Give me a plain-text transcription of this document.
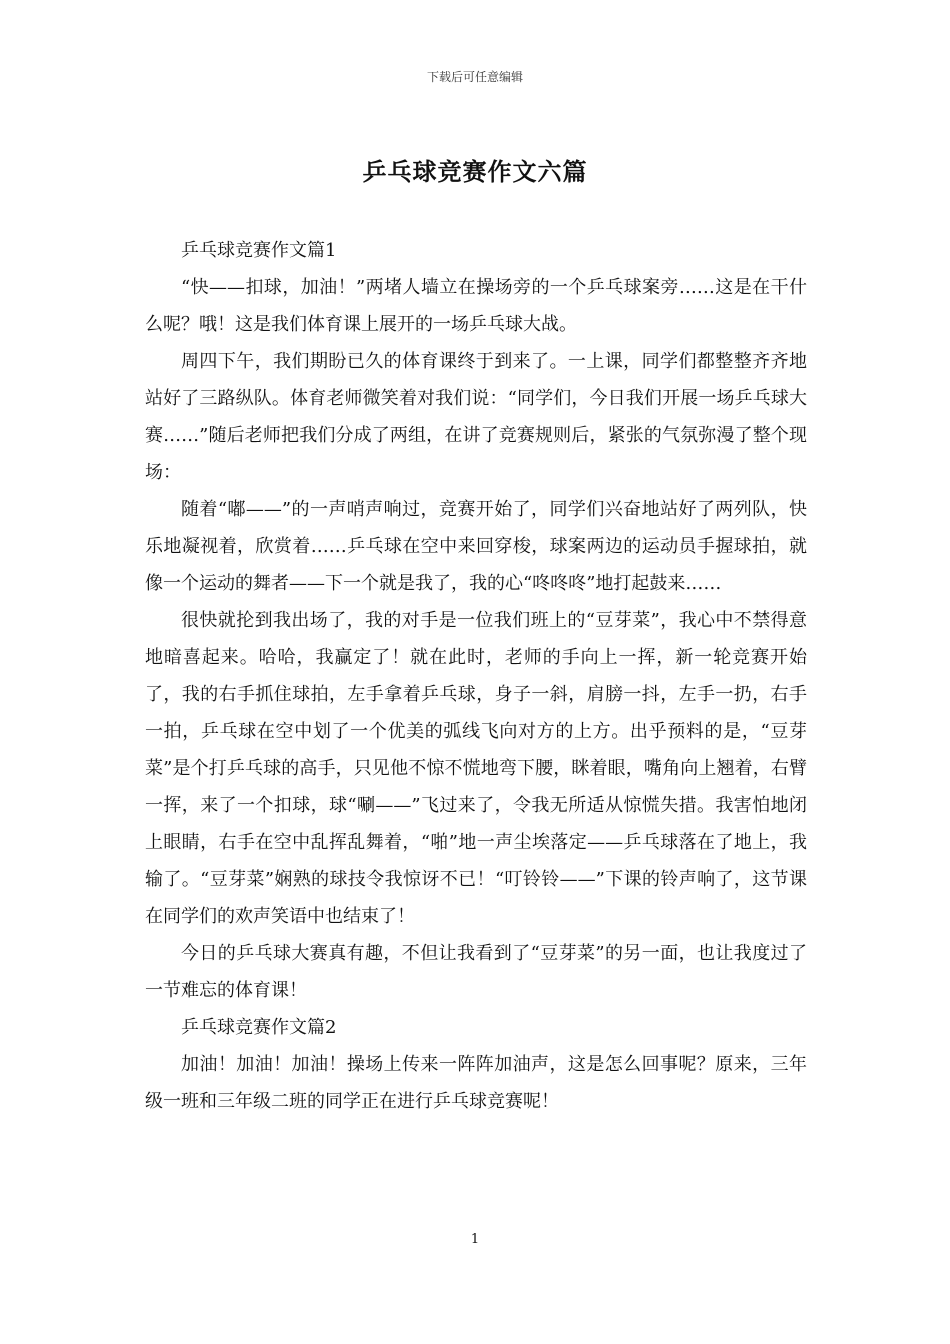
下载后可任意编辑
乒乓球竞赛作文六篇

乒乓球竞赛作文篇1

“快——扣球，加油！”两堵人墙立在操场旁的一个乒乓球案旁……这是在干什么呢？哦！这是我们体育课上展开的一场乒乓球大战。

周四下午，我们期盼已久的体育课终于到来了。一上课，同学们都整整齐齐地站好了三路纵队。体育老师微笑着对我们说：“同学们，今日我们开展一场乒乓球大赛……”随后老师把我们分成了两组，在讲了竞赛规则后，紧张的气氛弥漫了整个现场：

随着“嘟——”的一声哨声响过，竞赛开始了，同学们兴奋地站好了两列队，快乐地凝视着，欣赏着……乒乓球在空中来回穿梭，球案两边的运动员手握球拍，就像一个运动的舞者——下一个就是我了，我的心“咚咚咚”地打起鼓来……

很快就抡到我出场了，我的对手是一位我们班上的“豆芽菜”，我心中不禁得意地暗喜起来。哈哈，我赢定了！就在此时，老师的手向上一挥，新一轮竞赛开始了，我的右手抓住球拍，左手拿着乒乓球，身子一斜，肩膀一抖，左手一扔，右手一拍，乒乓球在空中划了一个优美的弧线飞向对方的上方。出乎预料的是，“豆芽菜”是个打乒乓球的高手，只见他不惊不慌地弯下腰，眯着眼，嘴角向上翘着，右臂一挥，来了一个扣球，球“唰——”飞过来了，令我无所适从惊慌失措。我害怕地闭上眼睛，右手在空中乱挥乱舞着，“啪”地一声尘埃落定——乒乓球落在了地上，我输了。“豆芽菜”娴熟的球技令我惊讶不已！“叮铃铃——”下课的铃声响了，这节课在同学们的欢声笑语中也结束了！

今日的乒乓球大赛真有趣，不但让我看到了“豆芽菜”的另一面，也让我度过了一节难忘的体育课！

乒乓球竞赛作文篇2

加油！加油！加油！操场上传来一阵阵加油声，这是怎么回事呢？原来，三年级一班和三年级二班的同学正在进行乒乓球竞赛呢！

1
